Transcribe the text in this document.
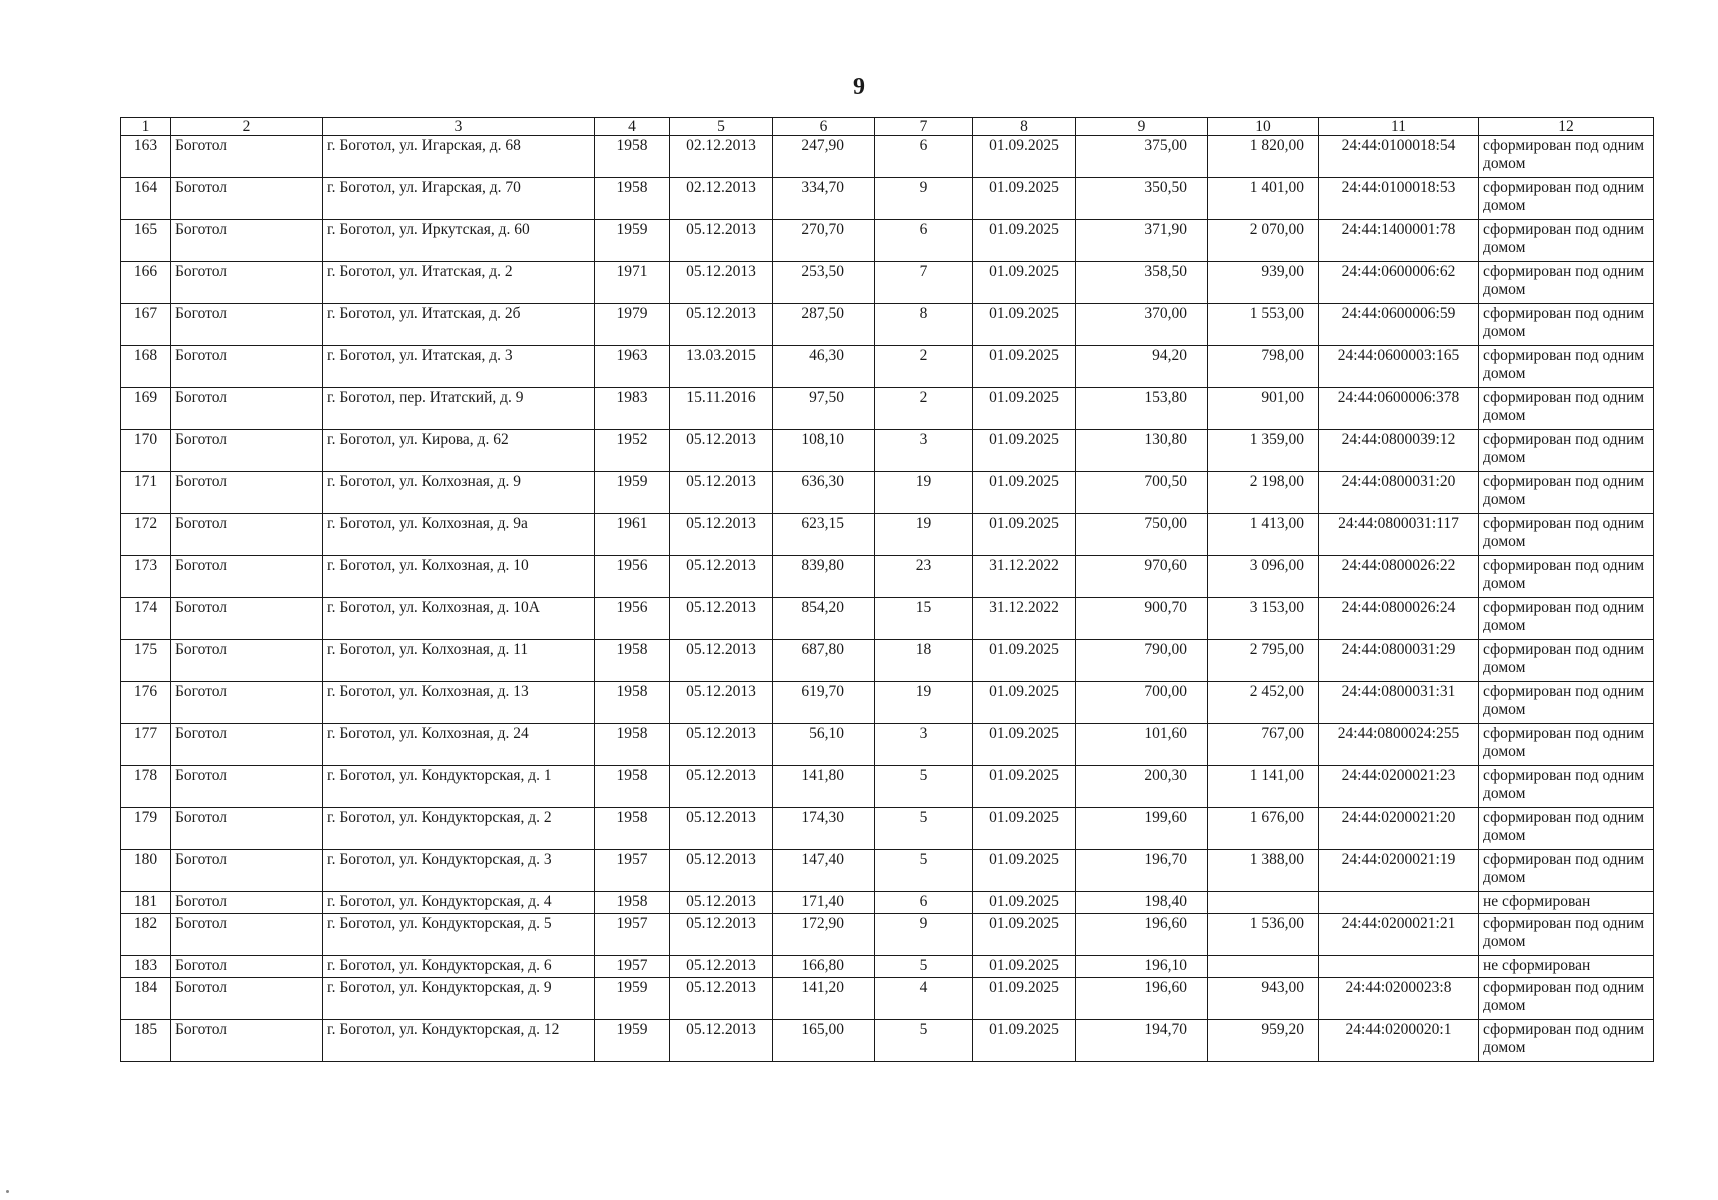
9
1	2	3	4	5	6	7	8	9	10	11	12
163	Боготол	г. Боготол, ул. Игарская, д. 68	1958	02.12.2013	247,90	6	01.09.2025	375,00	1 820,00	24:44:0100018:54	сформирован под одним домом
164	Боготол	г. Боготол, ул. Игарская, д. 70	1958	02.12.2013	334,70	9	01.09.2025	350,50	1 401,00	24:44:0100018:53	сформирован под одним домом
165	Боготол	г. Боготол, ул. Иркутская, д. 60	1959	05.12.2013	270,70	6	01.09.2025	371,90	2 070,00	24:44:1400001:78	сформирован под одним домом
166	Боготол	г. Боготол, ул. Итатская, д. 2	1971	05.12.2013	253,50	7	01.09.2025	358,50	939,00	24:44:0600006:62	сформирован под одним домом
167	Боготол	г. Боготол, ул. Итатская, д. 2б	1979	05.12.2013	287,50	8	01.09.2025	370,00	1 553,00	24:44:0600006:59	сформирован под одним домом
168	Боготол	г. Боготол, ул. Итатская, д. 3	1963	13.03.2015	46,30	2	01.09.2025	94,20	798,00	24:44:0600003:165	сформирован под одним домом
169	Боготол	г. Боготол, пер. Итатский, д. 9	1983	15.11.2016	97,50	2	01.09.2025	153,80	901,00	24:44:0600006:378	сформирован под одним домом
170	Боготол	г. Боготол, ул. Кирова, д. 62	1952	05.12.2013	108,10	3	01.09.2025	130,80	1 359,00	24:44:0800039:12	сформирован под одним домом
171	Боготол	г. Боготол, ул. Колхозная, д. 9	1959	05.12.2013	636,30	19	01.09.2025	700,50	2 198,00	24:44:0800031:20	сформирован под одним домом
172	Боготол	г. Боготол, ул. Колхозная, д. 9а	1961	05.12.2013	623,15	19	01.09.2025	750,00	1 413,00	24:44:0800031:117	сформирован под одним домом
173	Боготол	г. Боготол, ул. Колхозная, д. 10	1956	05.12.2013	839,80	23	31.12.2022	970,60	3 096,00	24:44:0800026:22	сформирован под одним домом
174	Боготол	г. Боготол, ул. Колхозная, д. 10А	1956	05.12.2013	854,20	15	31.12.2022	900,70	3 153,00	24:44:0800026:24	сформирован под одним домом
175	Боготол	г. Боготол, ул. Колхозная, д. 11	1958	05.12.2013	687,80	18	01.09.2025	790,00	2 795,00	24:44:0800031:29	сформирован под одним домом
176	Боготол	г. Боготол, ул. Колхозная, д. 13	1958	05.12.2013	619,70	19	01.09.2025	700,00	2 452,00	24:44:0800031:31	сформирован под одним домом
177	Боготол	г. Боготол, ул. Колхозная, д. 24	1958	05.12.2013	56,10	3	01.09.2025	101,60	767,00	24:44:0800024:255	сформирован под одним домом
178	Боготол	г. Боготол, ул. Кондукторская, д. 1	1958	05.12.2013	141,80	5	01.09.2025	200,30	1 141,00	24:44:0200021:23	сформирован под одним домом
179	Боготол	г. Боготол, ул. Кондукторская, д. 2	1958	05.12.2013	174,30	5	01.09.2025	199,60	1 676,00	24:44:0200021:20	сформирован под одним домом
180	Боготол	г. Боготол, ул. Кондукторская, д. 3	1957	05.12.2013	147,40	5	01.09.2025	196,70	1 388,00	24:44:0200021:19	сформирован под одним домом
181	Боготол	г. Боготол, ул. Кондукторская, д. 4	1958	05.12.2013	171,40	6	01.09.2025	198,40			не сформирован
182	Боготол	г. Боготол, ул. Кондукторская, д. 5	1957	05.12.2013	172,90	9	01.09.2025	196,60	1 536,00	24:44:0200021:21	сформирован под одним домом
183	Боготол	г. Боготол, ул. Кондукторская, д. 6	1957	05.12.2013	166,80	5	01.09.2025	196,10			не сформирован
184	Боготол	г. Боготол, ул. Кондукторская, д. 9	1959	05.12.2013	141,20	4	01.09.2025	196,60	943,00	24:44:0200023:8	сформирован под одним домом
185	Боготол	г. Боготол, ул. Кондукторская, д. 12	1959	05.12.2013	165,00	5	01.09.2025	194,70	959,20	24:44:0200020:1	сформирован под одним домом
